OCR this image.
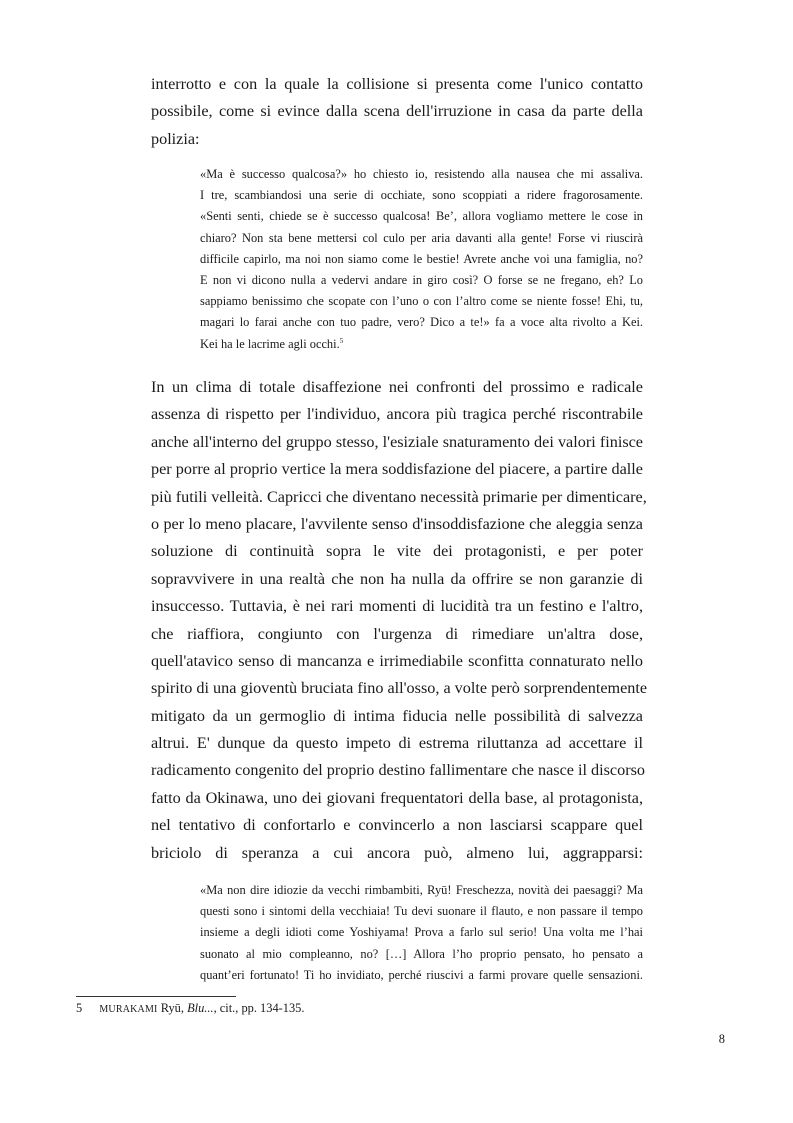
interrotto e con la quale la collisione si presenta come l'unico contatto
possibile, come si evince dalla scena dell'irruzione in casa da parte della
polizia:

«Ma è successo qualcosa?» ho chiesto io, resistendo alla nausea che mi assaliva.
I tre, scambiandosi una serie di occhiate, sono scoppiati a ridere fragorosamente.
«Senti senti, chiede se è successo qualcosa! Be’, allora vogliamo mettere le cose in
chiaro? Non sta bene mettersi col culo per aria davanti alla gente! Forse vi riuscirà
difficile capirlo, ma noi non siamo come le bestie! Avrete anche voi una famiglia, no?
E non vi dicono nulla a vedervi andare in giro così? O forse se ne fregano, eh? Lo
sappiamo benissimo che scopate con l’uno o con l’altro come se niente fosse! Ehi, tu,
magari lo farai anche con tuo padre, vero? Dico a te!» fa a voce alta rivolto a Kei.
Kei ha le lacrime agli occhi.$^5$

In un clima di totale disaffezione nei confronti del prossimo e radicale
assenza di rispetto per l'individuo, ancora più tragica perché riscontrabile
anche all'interno del gruppo stesso, l'esiziale snaturamento dei valori finisce
per porre al proprio vertice la mera soddisfazione del piacere, a partire dalle
più futili velleità. Capricci che diventano necessità primarie per dimenticare,
o per lo meno placare, l'avvilente senso d'insoddisfazione che aleggia senza
soluzione di continuità sopra le vite dei protagonisti, e per poter
sopravvivere in una realtà che non ha nulla da offrire se non garanzie di
insuccesso. Tuttavia, è nei rari momenti di lucidità tra un festino e l'altro,
che riaffiora, congiunto con l'urgenza di rimediare un'altra dose,
quell'atavico senso di mancanza e irrimediabile sconfitta connaturato nello
spirito di una gioventù bruciata fino all'osso, a volte però sorprendentemente
mitigato da un germoglio di intima fiducia nelle possibilità di salvezza
altrui. E' dunque da questo impeto di estrema riluttanza ad accettare il
radicamento congenito del proprio destino fallimentare che nasce il discorso
fatto da Okinawa, uno dei giovani frequentatori della base, al protagonista,
nel tentativo di confortarlo e convincerlo a non lasciarsi scappare quel
briciolo di speranza a cui ancora può, almeno lui, aggrapparsi:

«Ma non dire idiozie da vecchi rimbambiti, Ryū! Freschezza, novità dei paesaggi? Ma
questi sono i sintomi della vecchiaia! Tu devi suonare il flauto, e non passare il tempo
insieme a degli idioti come Yoshiyama! Prova a farlo sul serio! Una volta me l’hai
suonato al mio compleanno, no? […] Allora l’ho proprio pensato, ho pensato a
quant’eri fortunato! Ti ho invidiato, perché riuscivi a farmi provare quelle sensazioni.
5 MURAKAMI Ryū, Blu..., cit., pp. 134-135.
8
